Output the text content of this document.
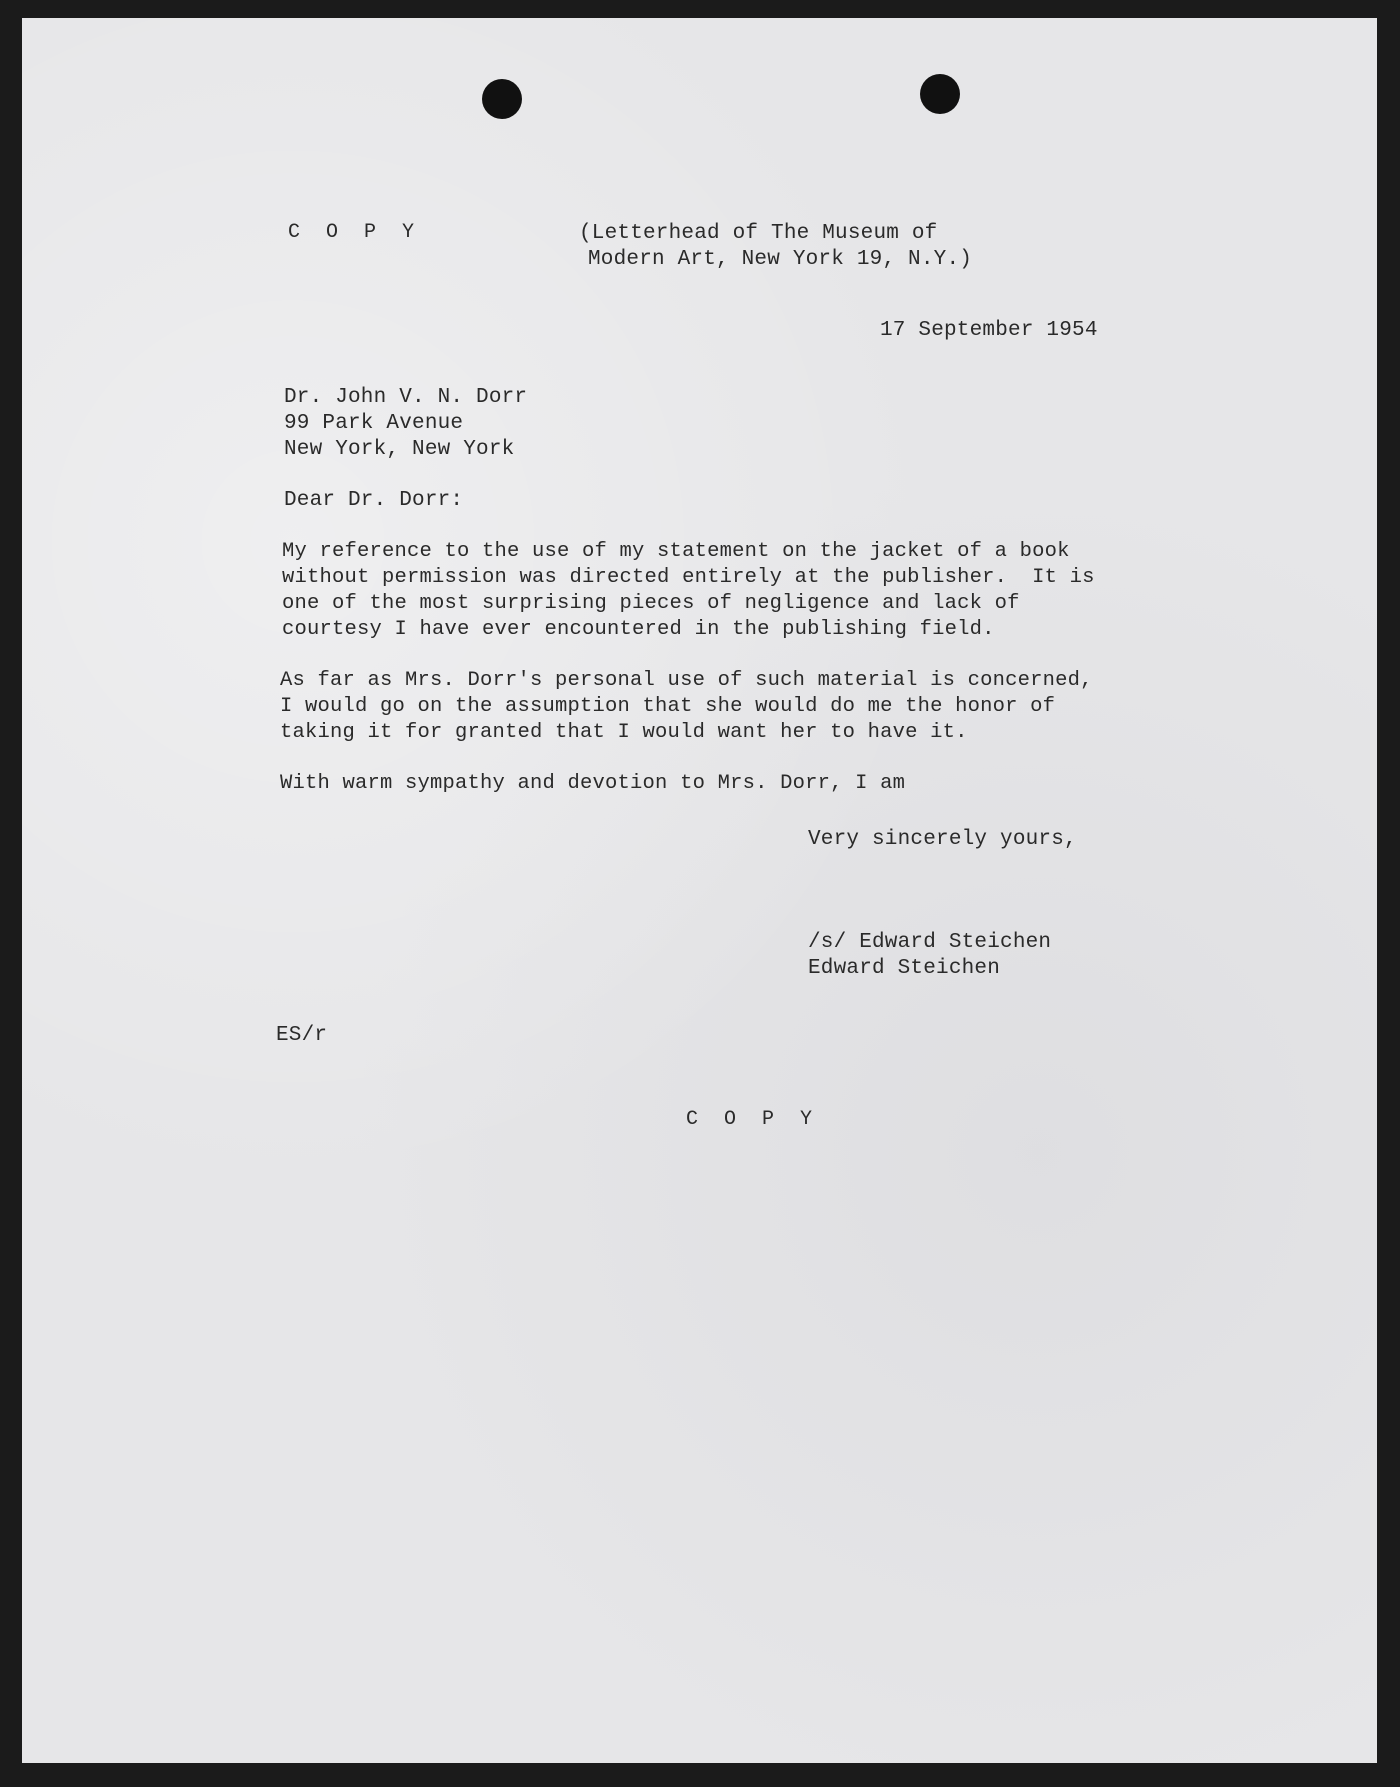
C O P Y	(Letterhead of The Museum of
Modern Art, New York 19, N.Y.)
17 September 1954
Dr. John V. N. Dorr
99 Park Avenue
New York, New York
Dear Dr. Dorr:
My reference to the use of my statement on the jacket of a book
without permission was directed entirely at the publisher.  It is
one of the most surprising pieces of negligence and lack of
courtesy I have ever encountered in the publishing field.
As far as Mrs. Dorr's personal use of such material is concerned,
I would go on the assumption that she would do me the honor of
taking it for granted that I would want her to have it.
With warm sympathy and devotion to Mrs. Dorr, I am
Very sincerely yours,
/s/ Edward Steichen
Edward Steichen
ES/r
C O P Y
